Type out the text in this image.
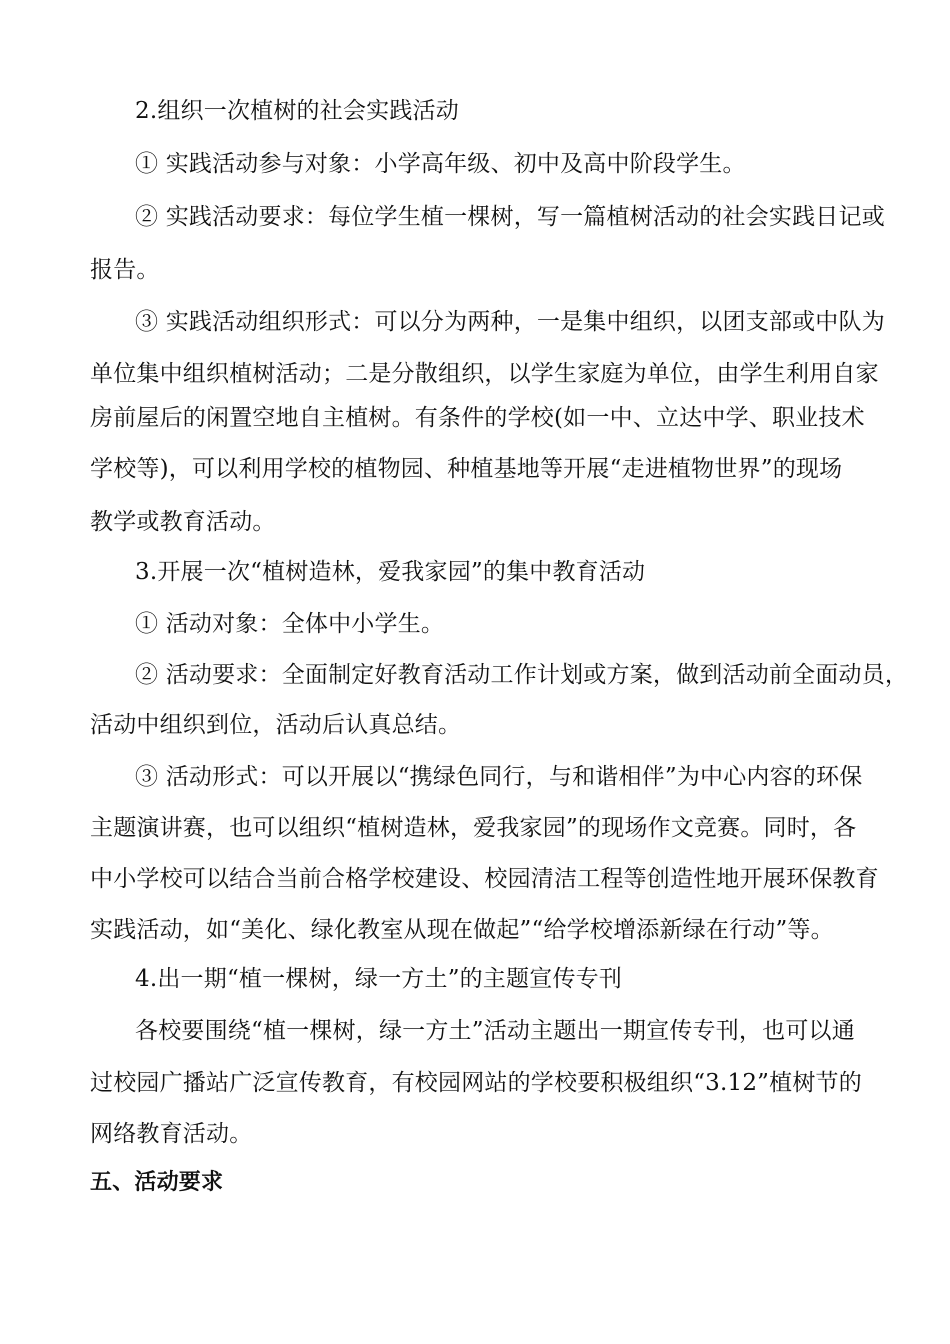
2.组织一次植树的社会实践活动
① 实践活动参与对象：小学高年级、初中及高中阶段学生。
② 实践活动要求：每位学生植一棵树，写一篇植树活动的社会实践日记或
报告。
③ 实践活动组织形式：可以分为两种，一是集中组织，以团支部或中队为
单位集中组织植树活动；二是分散组织，以学生家庭为单位，由学生利用自家
房前屋后的闲置空地自主植树。有条件的学校(如一中、立达中学、职业技术
学校等)，可以利用学校的植物园、种植基地等开展“走进植物世界”的现场
教学或教育活动。
3.开展一次“植树造林，爱我家园”的集中教育活动
① 活动对象：全体中小学生。
② 活动要求：全面制定好教育活动工作计划或方案，做到活动前全面动员，
活动中组织到位，活动后认真总结。
③ 活动形式：可以开展以“携绿色同行，与和谐相伴”为中心内容的环保
主题演讲赛，也可以组织“植树造林，爱我家园”的现场作文竞赛。同时，各
中小学校可以结合当前合格学校建设、校园清洁工程等创造性地开展环保教育
实践活动，如“美化、绿化教室从现在做起”“给学校增添新绿在行动”等。
4.出一期“植一棵树，绿一方土”的主题宣传专刊
各校要围绕“植一棵树，绿一方土”活动主题出一期宣传专刊，也可以通
过校园广播站广泛宣传教育，有校园网站的学校要积极组织“3.12”植树节的
网络教育活动。
五、活动要求
